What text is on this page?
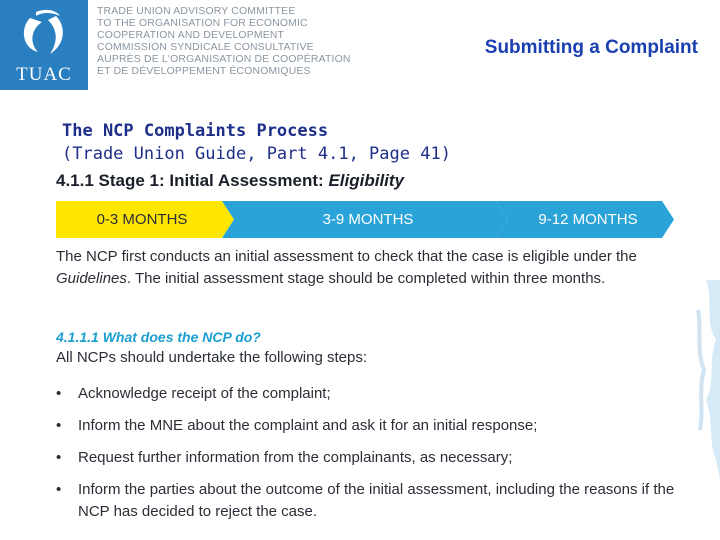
TUAC
TRADE UNION ADVISORY COMMITTEE
TO THE ORGANISATION FOR ECONOMIC
COOPERATION AND DEVELOPMENT
COMMISSION SYNDICALE CONSULTATIVE
AUPRÈS DE L'ORGANISATION DE COOPÉRATION
ET DE DÉVELOPPEMENT ÉCONOMIQUES
Submitting a Complaint
The NCP Complaints Process
(Trade Union Guide, Part 4.1, Page 41)
4.1.1 Stage 1: Initial Assessment: Eligibility
0-3 MONTHS	3-9 MONTHS	9-12 MONTHS
The NCP first conducts an initial assessment to check that the case is eligible under the Guidelines. The initial assessment stage should be completed within three months.
4.1.1.1 What does the NCP do?
All NCPs should undertake the following steps:
• Acknowledge receipt of the complaint;
• Inform the MNE about the complaint and ask it for an initial response;
• Request further information from the complainants, as necessary;
• Inform the parties about the outcome of the initial assessment, including the reasons if the NCP has decided to reject the case.
